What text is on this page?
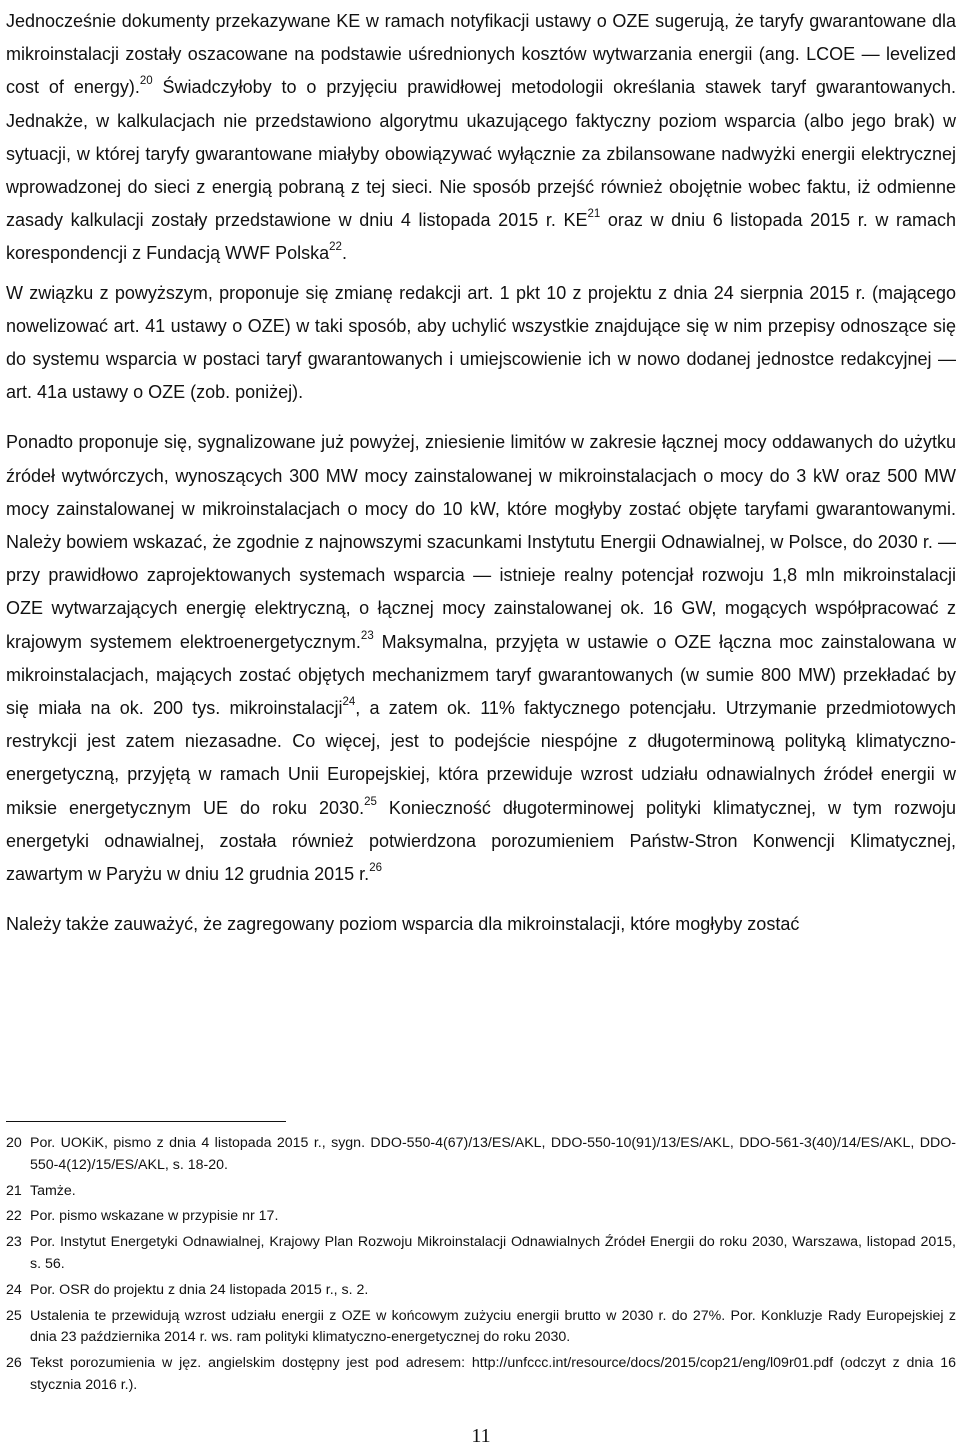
Jednocześnie dokumenty przekazywane KE w ramach notyfikacji ustawy o OZE sugerują, że taryfy gwarantowane dla mikroinstalacji zostały oszacowane na podstawie uśrednionych kosztów wytwarzania energii (ang. LCOE ― levelized cost of energy).$^{20}$ Świadczyłoby to o przyjęciu prawidłowej metodologii określania stawek taryf gwarantowanych. Jednakże, w kalkulacjach nie przedstawiono algorytmu ukazującego faktyczny poziom wsparcia (albo jego brak) w sytuacji, w której taryfy gwarantowane miałyby obowiązywać wyłącznie za zbilansowane nadwyżki energii elektrycznej wprowadzonej do sieci z energią pobraną z tej sieci. Nie sposób przejść również obojętnie wobec faktu, iż odmienne zasady kalkulacji zostały przedstawione w dniu 4 listopada 2015 r. KE$^{21}$ oraz w dniu 6 listopada 2015 r. w ramach korespondencji z Fundacją WWF Polska$^{22}$.

W związku z powyższym, proponuje się zmianę redakcji art. 1 pkt 10 z projektu z dnia 24 sierpnia 2015 r. (mającego nowelizować art. 41 ustawy o OZE) w taki sposób, aby uchylić wszystkie znajdujące się w nim przepisy odnoszące się do systemu wsparcia w postaci taryf gwarantowanych i umiejscowienie ich w nowo dodanej jednostce redakcyjnej ― art. 41a ustawy o OZE (zob. poniżej).

Ponadto proponuje się, sygnalizowane już powyżej, zniesienie limitów w zakresie łącznej mocy oddawanych do użytku źródeł wytwórczych, wynoszących 300 MW mocy zainstalowanej w mikroinstalacjach o mocy do 3 kW oraz 500 MW mocy zainstalowanej w mikroinstalacjach o mocy do 10 kW, które mogłyby zostać objęte taryfami gwarantowanymi. Należy bowiem wskazać, że zgodnie z najnowszymi szacunkami Instytutu Energii Odnawialnej, w Polsce, do 2030 r. ― przy prawidłowo zaprojektowanych systemach wsparcia ― istnieje realny potencjał rozwoju 1,8 mln mikroinstalacji OZE wytwarzających energię elektryczną, o łącznej mocy zainstalowanej ok. 16 GW, mogących współpracować z krajowym systemem elektroenergetycznym.$^{23}$ Maksymalna, przyjęta w ustawie o OZE łączna moc zainstalowana w mikroinstalacjach, mających zostać objętych mechanizmem taryf gwarantowanych (w sumie 800 MW) przekładać by się miała na ok. 200 tys. mikroinstalacji$^{24}$, a zatem ok. 11% faktycznego potencjału. Utrzymanie przedmiotowych restrykcji jest zatem niezasadne. Co więcej, jest to podejście niespójne z długoterminową polityką klimatyczno-energetyczną, przyjętą w ramach Unii Europejskiej, która przewiduje wzrost udziału odnawialnych źródeł energii w miksie energetycznym UE do roku 2030.25 Konieczność długoterminowej polityki klimatycznej, w tym rozwoju energetyki odnawialnej, została również potwierdzona porozumieniem Państw-Stron Konwencji Klimatycznej, zawartym w Paryżu w dniu 12 grudnia 2015 r.$^{26}$

Należy także zauważyć, że zagregowany poziom wsparcia dla mikroinstalacji, które mogłyby zostać

20 Por. UOKiK, pismo z dnia 4 listopada 2015 r., sygn. DDO-550-4(67)/13/ES/AKL, DDO-550-10(91)/13/ES/AKL, DDO-561-3(40)/14/ES/AKL, DDO-550-4(12)/15/ES/AKL, s. 18-20.
21 Tamże.
22 Por. pismo wskazane w przypisie nr 17.
23 Por. Instytut Energetyki Odnawialnej, Krajowy Plan Rozwoju Mikroinstalacji Odnawialnych Źródeł Energii do roku 2030, Warszawa, listopad 2015, s. 56.
24 Por. OSR do projektu z dnia 24 listopada 2015 r., s. 2.
25 Ustalenia te przewidują wzrost udziału energii z OZE w końcowym zużyciu energii brutto w 2030 r. do 27%. Por. Konkluzje Rady Europejskiej z dnia 23 października 2014 r. ws. ram polityki klimatyczno-energetycznej do roku 2030.
26 Tekst porozumienia w jęz. angielskim dostępny jest pod adresem: http://unfccc.int/resource/docs/2015/cop21/eng/l09r01.pdf (odczyt z dnia 16 stycznia 2016 r.).
11
